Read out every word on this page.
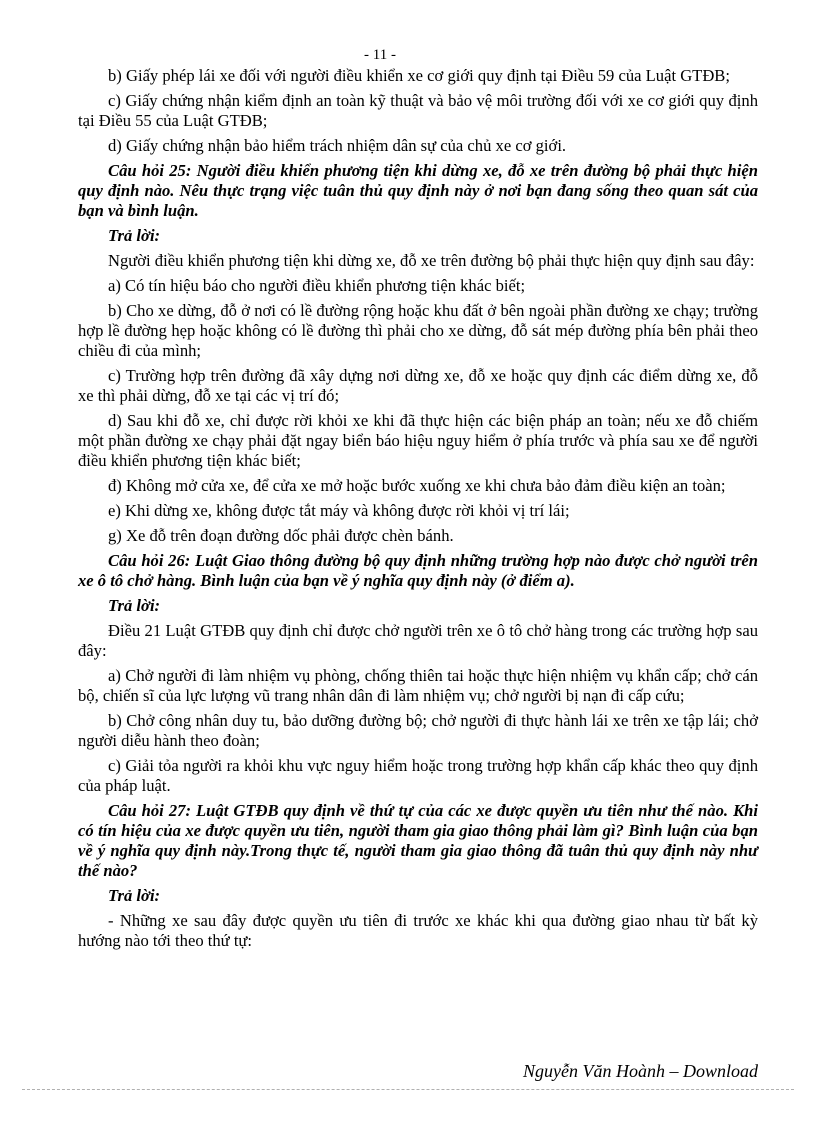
- 11 -

b) Giấy phép lái xe đối với người điều khiển xe cơ giới quy định tại Điều 59 của Luật GTĐB;

c) Giấy chứng nhận kiểm định an toàn kỹ thuật và bảo vệ môi trường đối với xe cơ giới quy định tại Điều 55 của Luật GTĐB;

d) Giấy chứng nhận bảo hiểm trách nhiệm dân sự của chủ xe cơ giới.

Câu hỏi 25: Người điều khiển phương tiện khi dừng xe, đỗ xe trên đường bộ phải thực hiện quy định nào. Nêu thực trạng việc tuân thủ quy định này ở nơi bạn đang sống theo quan sát của bạn và bình luận.

Trả lời:

Người điều khiển phương tiện khi dừng xe, đỗ xe trên đường bộ phải thực hiện quy định sau đây:

a) Có tín hiệu báo cho người điều khiển phương tiện khác biết;

b) Cho xe dừng, đỗ ở nơi có lề đường rộng hoặc khu đất ở bên ngoài phần đường xe chạy; trường hợp lề đường hẹp hoặc không có lề đường thì phải cho xe dừng, đỗ sát mép đường phía bên phải theo chiều đi của mình;

c) Trường hợp trên đường đã xây dựng nơi dừng xe, đỗ xe hoặc quy định các điểm dừng xe, đỗ xe thì phải dừng, đỗ xe tại các vị trí đó;

d) Sau khi đỗ xe, chỉ được rời khỏi xe khi đã thực hiện các biện pháp an toàn; nếu xe đỗ chiếm một phần đường xe chạy phải đặt ngay biển báo hiệu nguy hiểm ở phía trước và phía sau xe để người điều khiển phương tiện khác biết;

đ) Không mở cửa xe, để cửa xe mở hoặc bước xuống xe khi chưa bảo đảm điều kiện an toàn;

e) Khi dừng xe, không được tắt máy và không được rời khỏi vị trí lái;

g) Xe đỗ trên đoạn đường dốc phải được chèn bánh.

Câu hỏi 26: Luật Giao thông đường bộ quy định những trường hợp nào được chở người trên xe ô tô chở hàng. Bình luận của bạn về ý nghĩa quy định này (ở điểm a).

Trả lời:

Điều 21 Luật GTĐB quy định chỉ được chở người trên xe ô tô chở hàng trong các trường hợp sau đây:

a) Chở người đi làm nhiệm vụ phòng, chống thiên tai hoặc thực hiện nhiệm vụ khẩn cấp; chở cán bộ, chiến sĩ của lực lượng vũ trang nhân dân đi làm nhiệm vụ; chở người bị nạn đi cấp cứu;

b) Chở công nhân duy tu, bảo dưỡng đường bộ; chở người đi thực hành lái xe trên xe tập lái; chở người diễu hành theo đoàn;

c) Giải tỏa người ra khỏi khu vực nguy hiểm hoặc trong trường hợp khẩn cấp khác theo quy định của pháp luật.

Câu hỏi 27: Luật GTĐB quy định về thứ tự của các xe được quyền ưu tiên như thế nào. Khi có tín hiệu của xe được quyền ưu tiên, người tham gia giao thông phải làm gì? Bình luận của bạn về ý nghĩa quy định này.Trong thực tế, người tham gia giao thông đã tuân thủ quy định này như thế nào?

Trả lời:

- Những xe sau đây được quyền ưu tiên đi trước xe khác khi qua đường giao nhau từ bất kỳ hướng nào tới theo thứ tự:

Nguyễn Văn Hoành – Download
